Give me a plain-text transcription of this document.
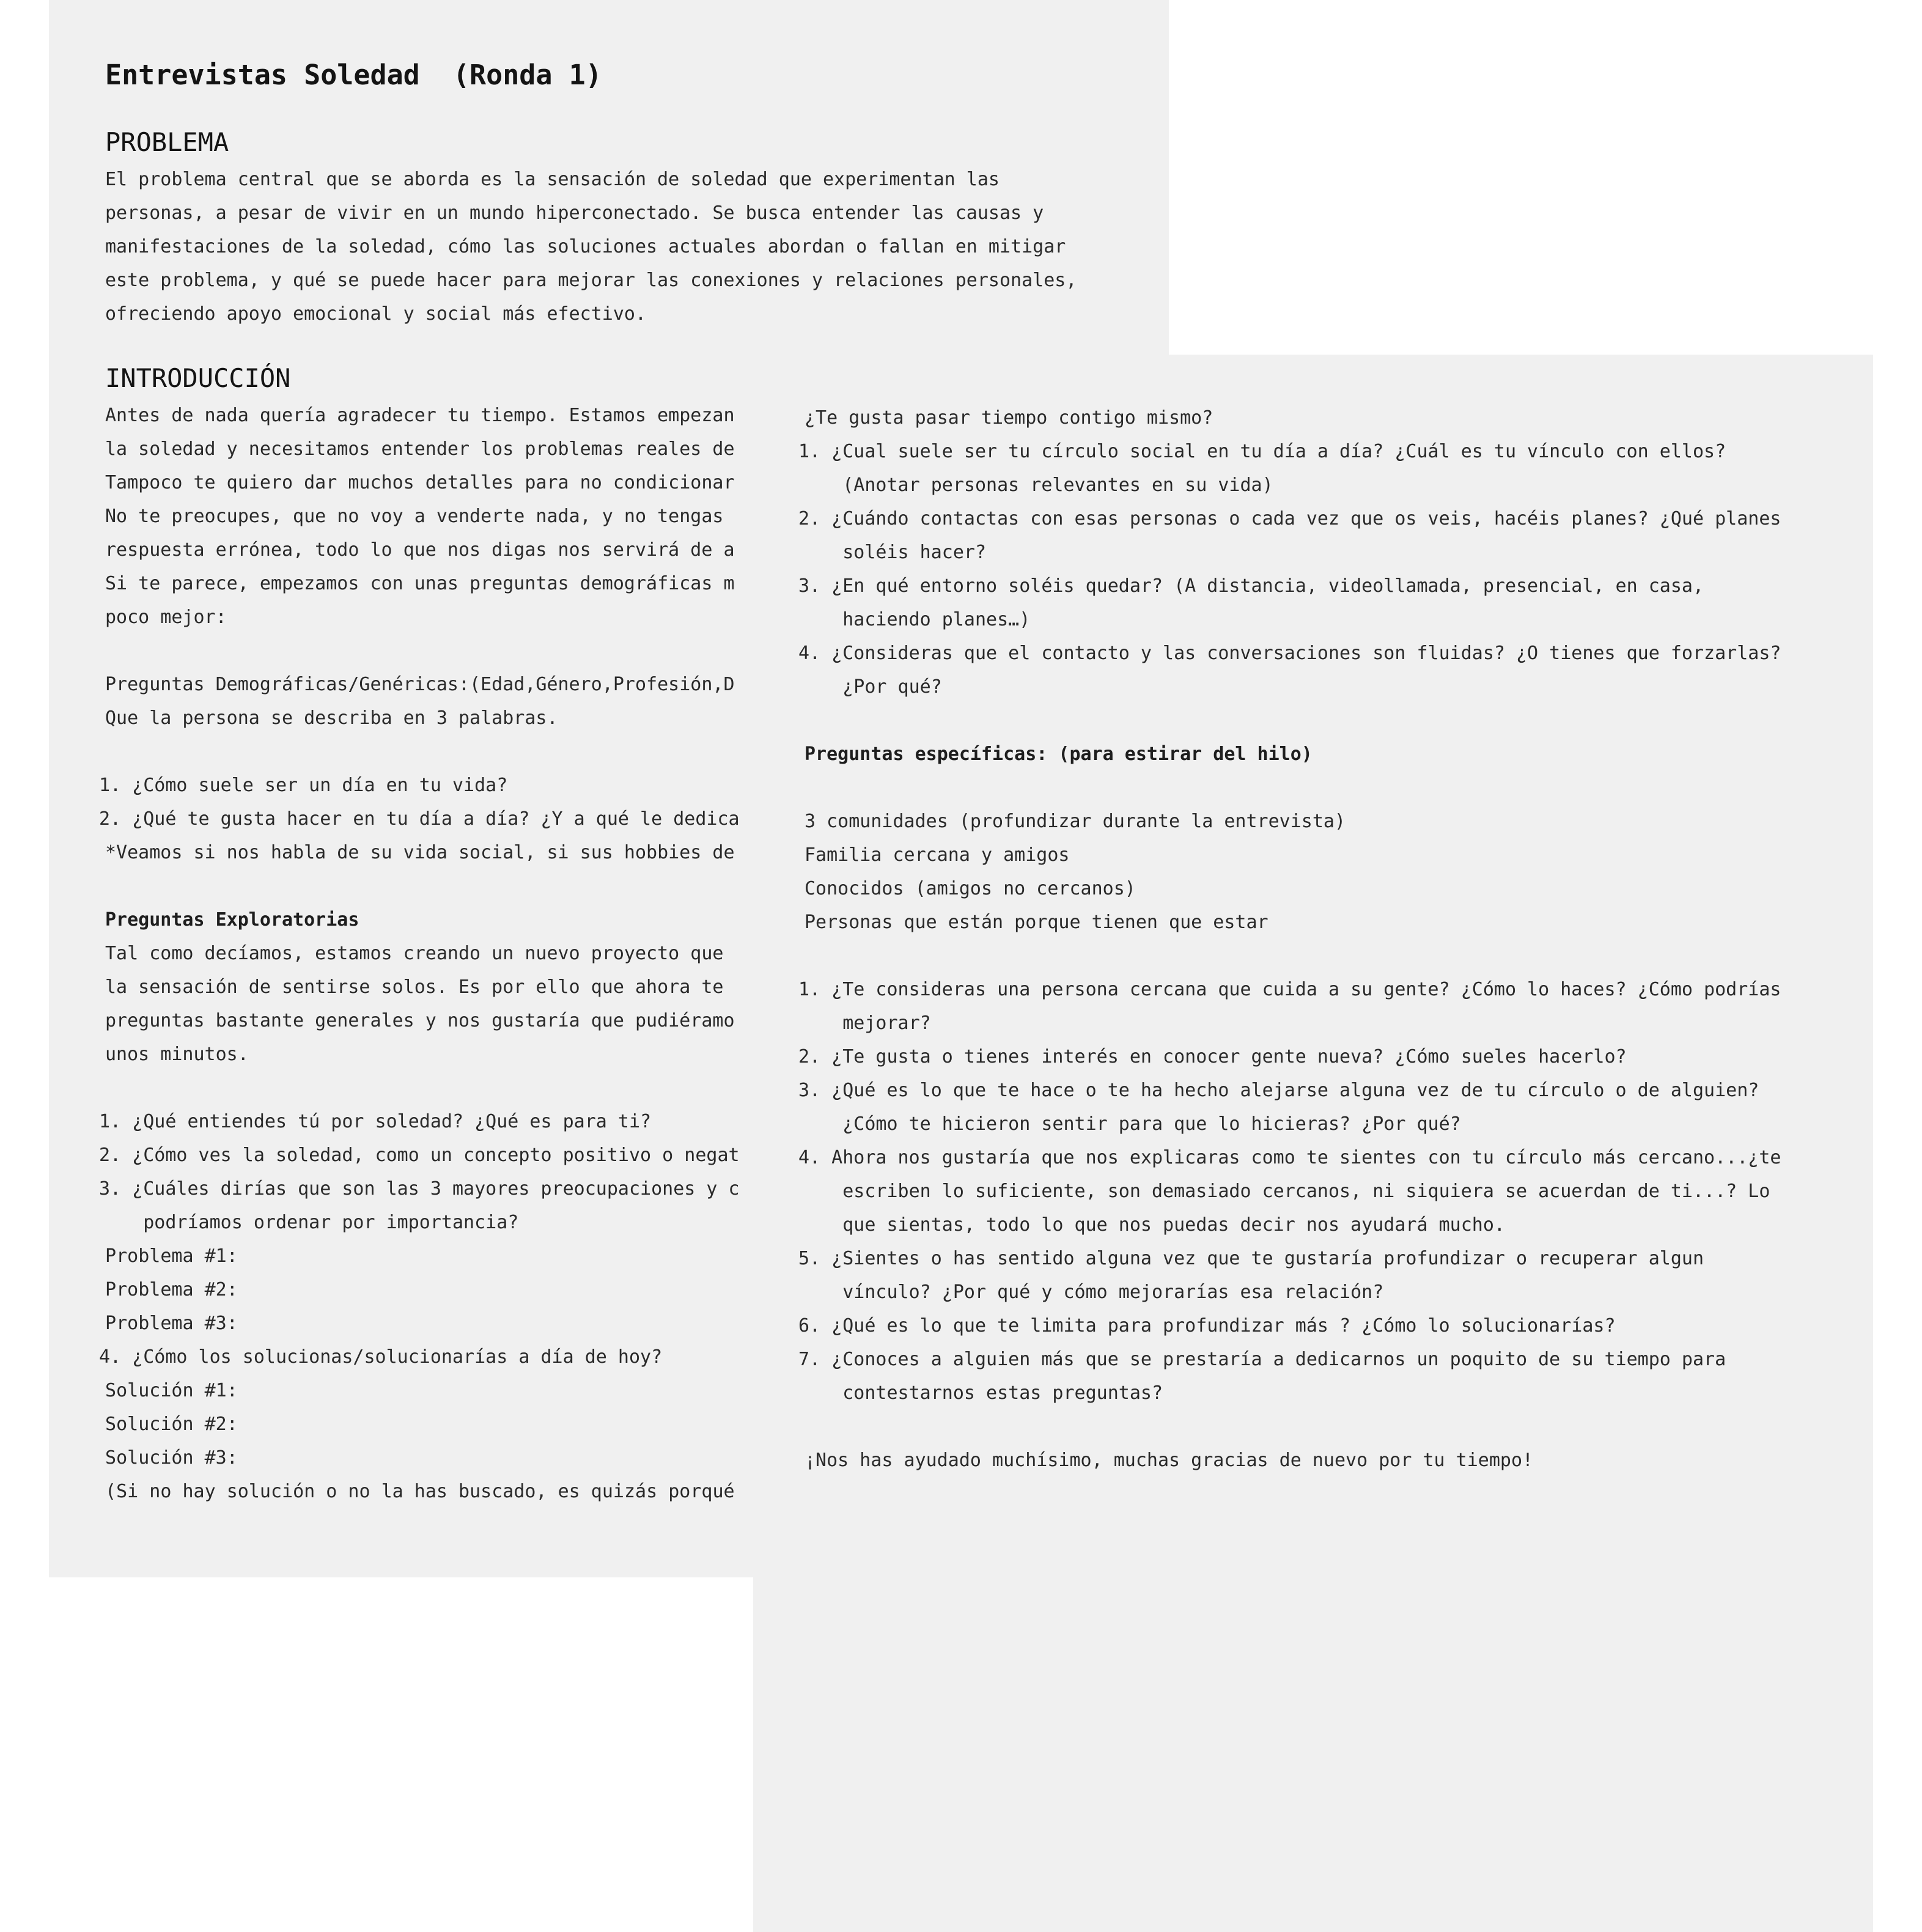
Entrevistas Soledad  (Ronda 1)
PROBLEMA
El problema central que se aborda es la sensación de soledad que experimentan las
personas, a pesar de vivir en un mundo hiperconectado. Se busca entender las causas y
manifestaciones de la soledad, cómo las soluciones actuales abordan o fallan en mitigar
este problema, y qué se puede hacer para mejorar las conexiones y relaciones personales,
ofreciendo apoyo emocional y social más efectivo.
INTRODUCCIÓN
Antes de nada quería agradecer tu tiempo. Estamos empezan
la soledad y necesitamos entender los problemas reales de
Tampoco te quiero dar muchos detalles para no condicionar
No te preocupes, que no voy a venderte nada, y no tengas
respuesta errónea, todo lo que nos digas nos servirá de a
Si te parece, empezamos con unas preguntas demográficas m
poco mejor:
Preguntas Demográficas/Genéricas:(Edad,Género,Profesión,D
Que la persona se describa en 3 palabras.
1. ¿Cómo suele ser un día en tu vida?
2. ¿Qué te gusta hacer en tu día a día? ¿Y a qué le dedica
*Veamos si nos habla de su vida social, si sus hobbies de
Preguntas Exploratorias
Tal como decíamos, estamos creando un nuevo proyecto que
la sensación de sentirse solos. Es por ello que ahora te
preguntas bastante generales y nos gustaría que pudiéramo
unos minutos.
1. ¿Qué entiendes tú por soledad? ¿Qué es para ti?
2. ¿Cómo ves la soledad, como un concepto positivo o negat
3. ¿Cuáles dirías que son las 3 mayores preocupaciones y c
podríamos ordenar por importancia?
Problema #1:
Problema #2:
Problema #3:
4. ¿Cómo los solucionas/solucionarías a día de hoy?
Solución #1:
Solución #2:
Solución #3:
(Si no hay solución o no la has buscado, es quizás porqué
¿Te gusta pasar tiempo contigo mismo?
1. ¿Cual suele ser tu círculo social en tu día a día? ¿Cuál es tu vínculo con ellos?
(Anotar personas relevantes en su vida)
2. ¿Cuándo contactas con esas personas o cada vez que os veis, hacéis planes? ¿Qué planes
soléis hacer?
3. ¿En qué entorno soléis quedar? (A distancia, videollamada, presencial, en casa,
haciendo planes…)
4. ¿Consideras que el contacto y las conversaciones son fluidas? ¿O tienes que forzarlas?
¿Por qué?
Preguntas específicas: (para estirar del hilo)
3 comunidades (profundizar durante la entrevista)
Familia cercana y amigos
Conocidos (amigos no cercanos)
Personas que están porque tienen que estar
1. ¿Te consideras una persona cercana que cuida a su gente? ¿Cómo lo haces? ¿Cómo podrías
mejorar?
2. ¿Te gusta o tienes interés en conocer gente nueva? ¿Cómo sueles hacerlo?
3. ¿Qué es lo que te hace o te ha hecho alejarse alguna vez de tu círculo o de alguien?
¿Cómo te hicieron sentir para que lo hicieras? ¿Por qué?
4. Ahora nos gustaría que nos explicaras como te sientes con tu círculo más cercano...¿te
escriben lo suficiente, son demasiado cercanos, ni siquiera se acuerdan de ti...? Lo
que sientas, todo lo que nos puedas decir nos ayudará mucho.
5. ¿Sientes o has sentido alguna vez que te gustaría profundizar o recuperar algun
vínculo? ¿Por qué y cómo mejorarías esa relación?
6. ¿Qué es lo que te limita para profundizar más ? ¿Cómo lo solucionarías?
7. ¿Conoces a alguien más que se prestaría a dedicarnos un poquito de su tiempo para
contestarnos estas preguntas?
¡Nos has ayudado muchísimo, muchas gracias de nuevo por tu tiempo!
